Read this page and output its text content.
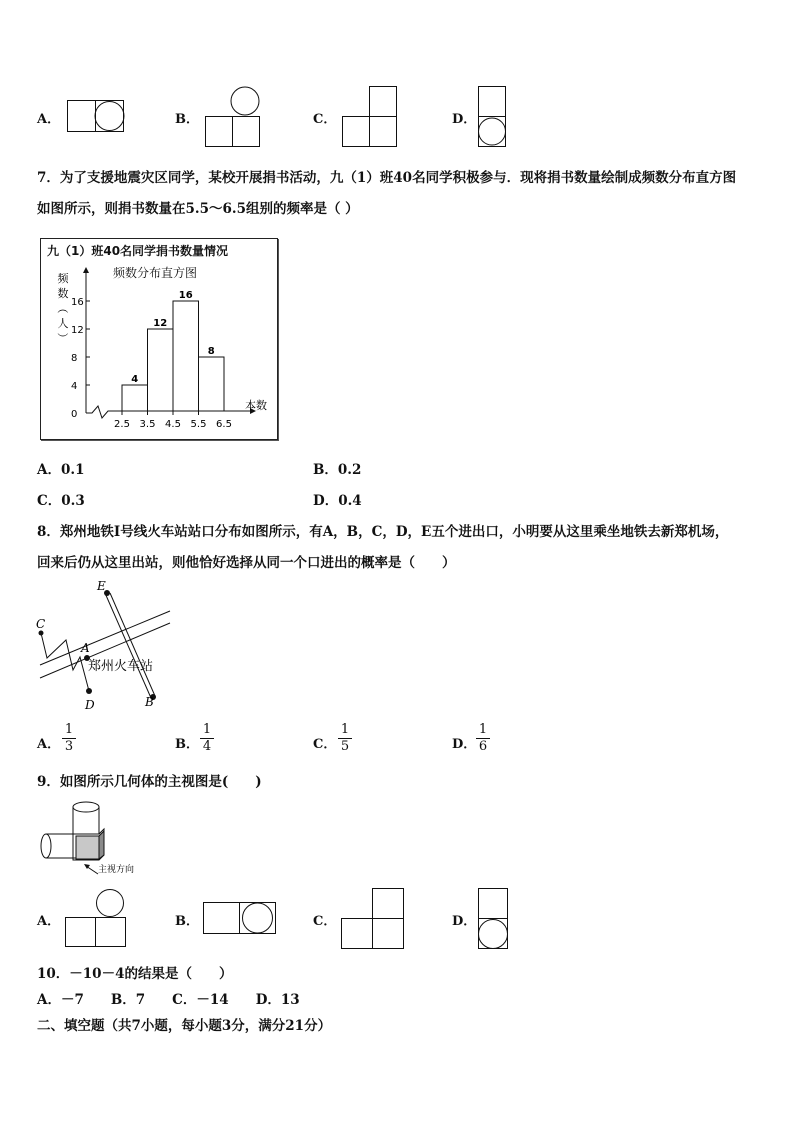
A．	B．	C．	D．
7．为了支援地震灾区同学，某校开展捐书活动，九（1）班40名同学积极参与．现将捐书数量绘制成频数分布直方图
如图所示，则捐书数量在5.5～6.5组别的频率是（ ）
九（1）班40名同学捐书数量情况
频数分布直方图
0
4
8
12
16
4
12
16
8
2.5 3.5 4.5 5.5 6.5
本数
频
数
（
人
）
A．0.1	B．0.2
C．0.3	D．0.4
8．郑州地铁Ⅰ号线火车站站口分布如图所示，有A，B，C，D，E五个进出口，小明要从这里乘坐地铁去新郑机场，
回来后仍从这里出站，则他恰好选择从同一个口进出的概率是（　　）
C
D
E
B
A
郑州火车站
A． $\frac{1}{3}$	B． $\frac{1}{4}$	C． $\frac{1}{5}$	D． $\frac{1}{6}$
9．如图所示几何体的主视图是(　　)
主视方向
A．	B．	C．	D．
10．－10－4的结果是（　　）
A．－7　　B．7　　C．－14　　D．13
二、填空题（共7小题，每小题3分，满分21分）
